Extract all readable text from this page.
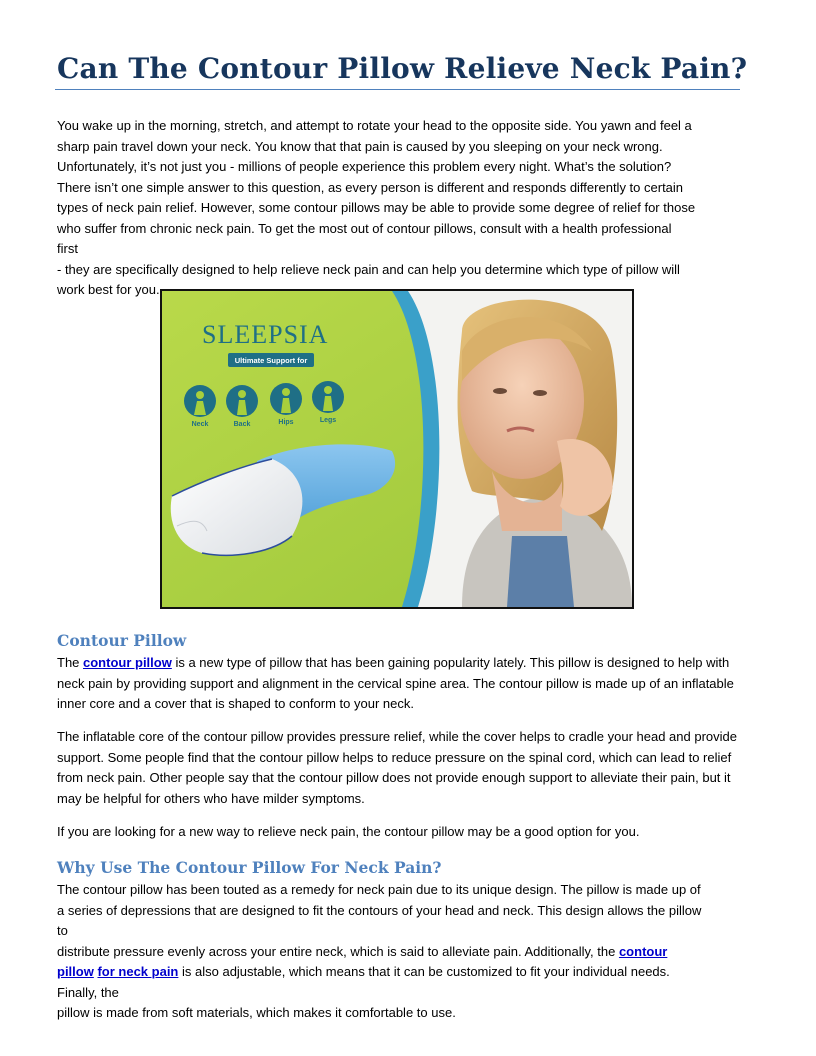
Can The Contour Pillow Relieve Neck Pain?
You wake up in the morning, stretch, and attempt to rotate your head to the opposite side. You yawn and feel a
sharp pain travel down your neck. You know that that pain is caused by you sleeping on your neck wrong.
Unfortunately, it’s not just you - millions of people experience this problem every night. What’s the solution?
There isn’t one simple answer to this question, as every person is different and responds differently to certain
types of neck pain relief. However, some contour pillows may be able to provide some degree of relief for those
who suffer from chronic neck pain. To get the most out of contour pillows, consult with a health professional
first
- they are specifically designed to help relieve neck pain and can help you determine which type of pillow will
work best for you.
SLEEPSIA
Ultimate Support for
Neck	Back	Hips	Legs
Contour Pillow

The contour pillow is a new type of pillow that has been gaining popularity lately. This pillow is designed to help with neck pain by providing support and alignment in the cervical spine area. The contour pillow is made up of an inflatable inner core and a cover that is shaped to conform to your neck.

The inflatable core of the contour pillow provides pressure relief, while the cover helps to cradle your head and provide support. Some people find that the contour pillow helps to reduce pressure on the spinal cord, which can lead to relief from neck pain. Other people say that the contour pillow does not provide enough support to alleviate their pain, but it may be helpful for others who have milder symptoms.

If you are looking for a new way to relieve neck pain, the contour pillow may be a good option for you.

Why Use The Contour Pillow For Neck Pain?
The contour pillow has been touted as a remedy for neck pain due to its unique design. The pillow is made up of
a series of depressions that are designed to fit the contours of your head and neck. This design allows the pillow
to
distribute pressure evenly across your entire neck, which is said to alleviate pain. Additionally, the contour
pillow for neck pain is also adjustable, which means that it can be customized to fit your individual needs.
Finally, the
pillow is made from soft materials, which makes it comfortable to use.
